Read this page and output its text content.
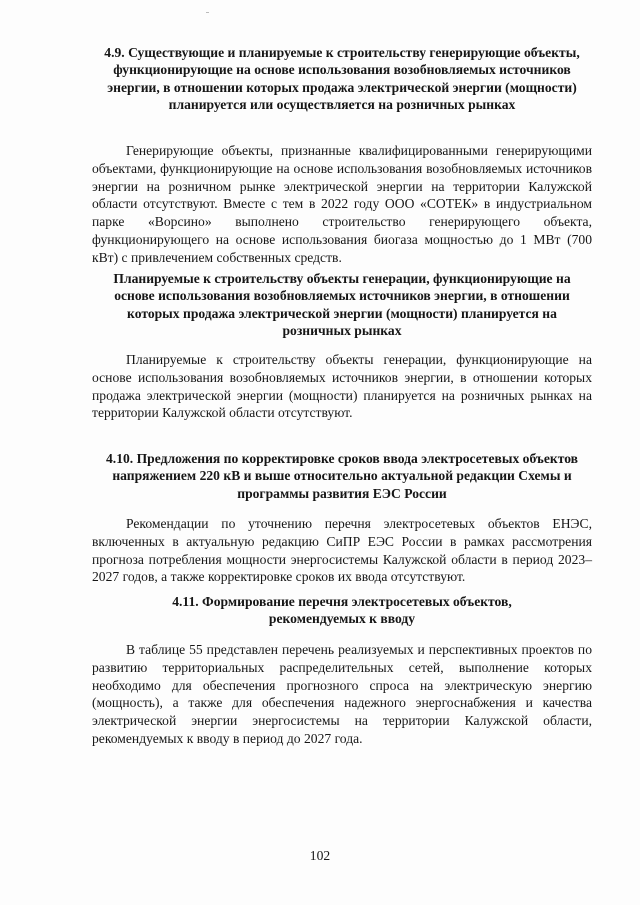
4.9. Существующие и планируемые к строительству генерирующие объекты, функционирующие на основе использования возобновляемых источников энергии, в отношении которых продажа электрической энергии (мощности) планируется или осуществляется на розничных рынках
Генерирующие объекты, признанные квалифицированными генерирующими объектами, функционирующие на основе использования возобновляемых источников энергии на розничном рынке электрической энергии на территории Калужской области отсутствуют. Вместе с тем в 2022 году ООО «СОТЕК» в индустриальном парке «Ворсино» выполнено строительство генерирующего объекта, функционирующего на основе использования биогаза мощностью до 1 МВт (700 кВт) с привлечением собственных средств.
Планируемые к строительству объекты генерации, функционирующие на основе использования возобновляемых источников энергии, в отношении которых продажа электрической энергии (мощности) планируется на розничных рынках
Планируемые к строительству объекты генерации, функционирующие на основе использования возобновляемых источников энергии, в отношении которых продажа электрической энергии (мощности) планируется на розничных рынках на территории Калужской области отсутствуют.
4.10. Предложения по корректировке сроков ввода электросетевых объектов напряжением 220 кВ и выше относительно актуальной редакции Схемы и программы развития ЕЭС России
Рекомендации по уточнению перечня электросетевых объектов ЕНЭС, включенных в актуальную редакцию СиПР ЕЭС России в рамках рассмотрения прогноза потребления мощности энергосистемы Калужской области в период 2023–2027 годов, а также корректировке сроков их ввода отсутствуют.
4.11. Формирование перечня электросетевых объектов, рекомендуемых к вводу
В таблице 55 представлен перечень реализуемых и перспективных проектов по развитию территориальных распределительных сетей, выполнение которых необходимо для обеспечения прогнозного спроса на электрическую энергию (мощность), а также для обеспечения надежного энергоснабжения и качества электрической энергии энергосистемы на территории Калужской области, рекомендуемых к вводу в период до 2027 года.
102
